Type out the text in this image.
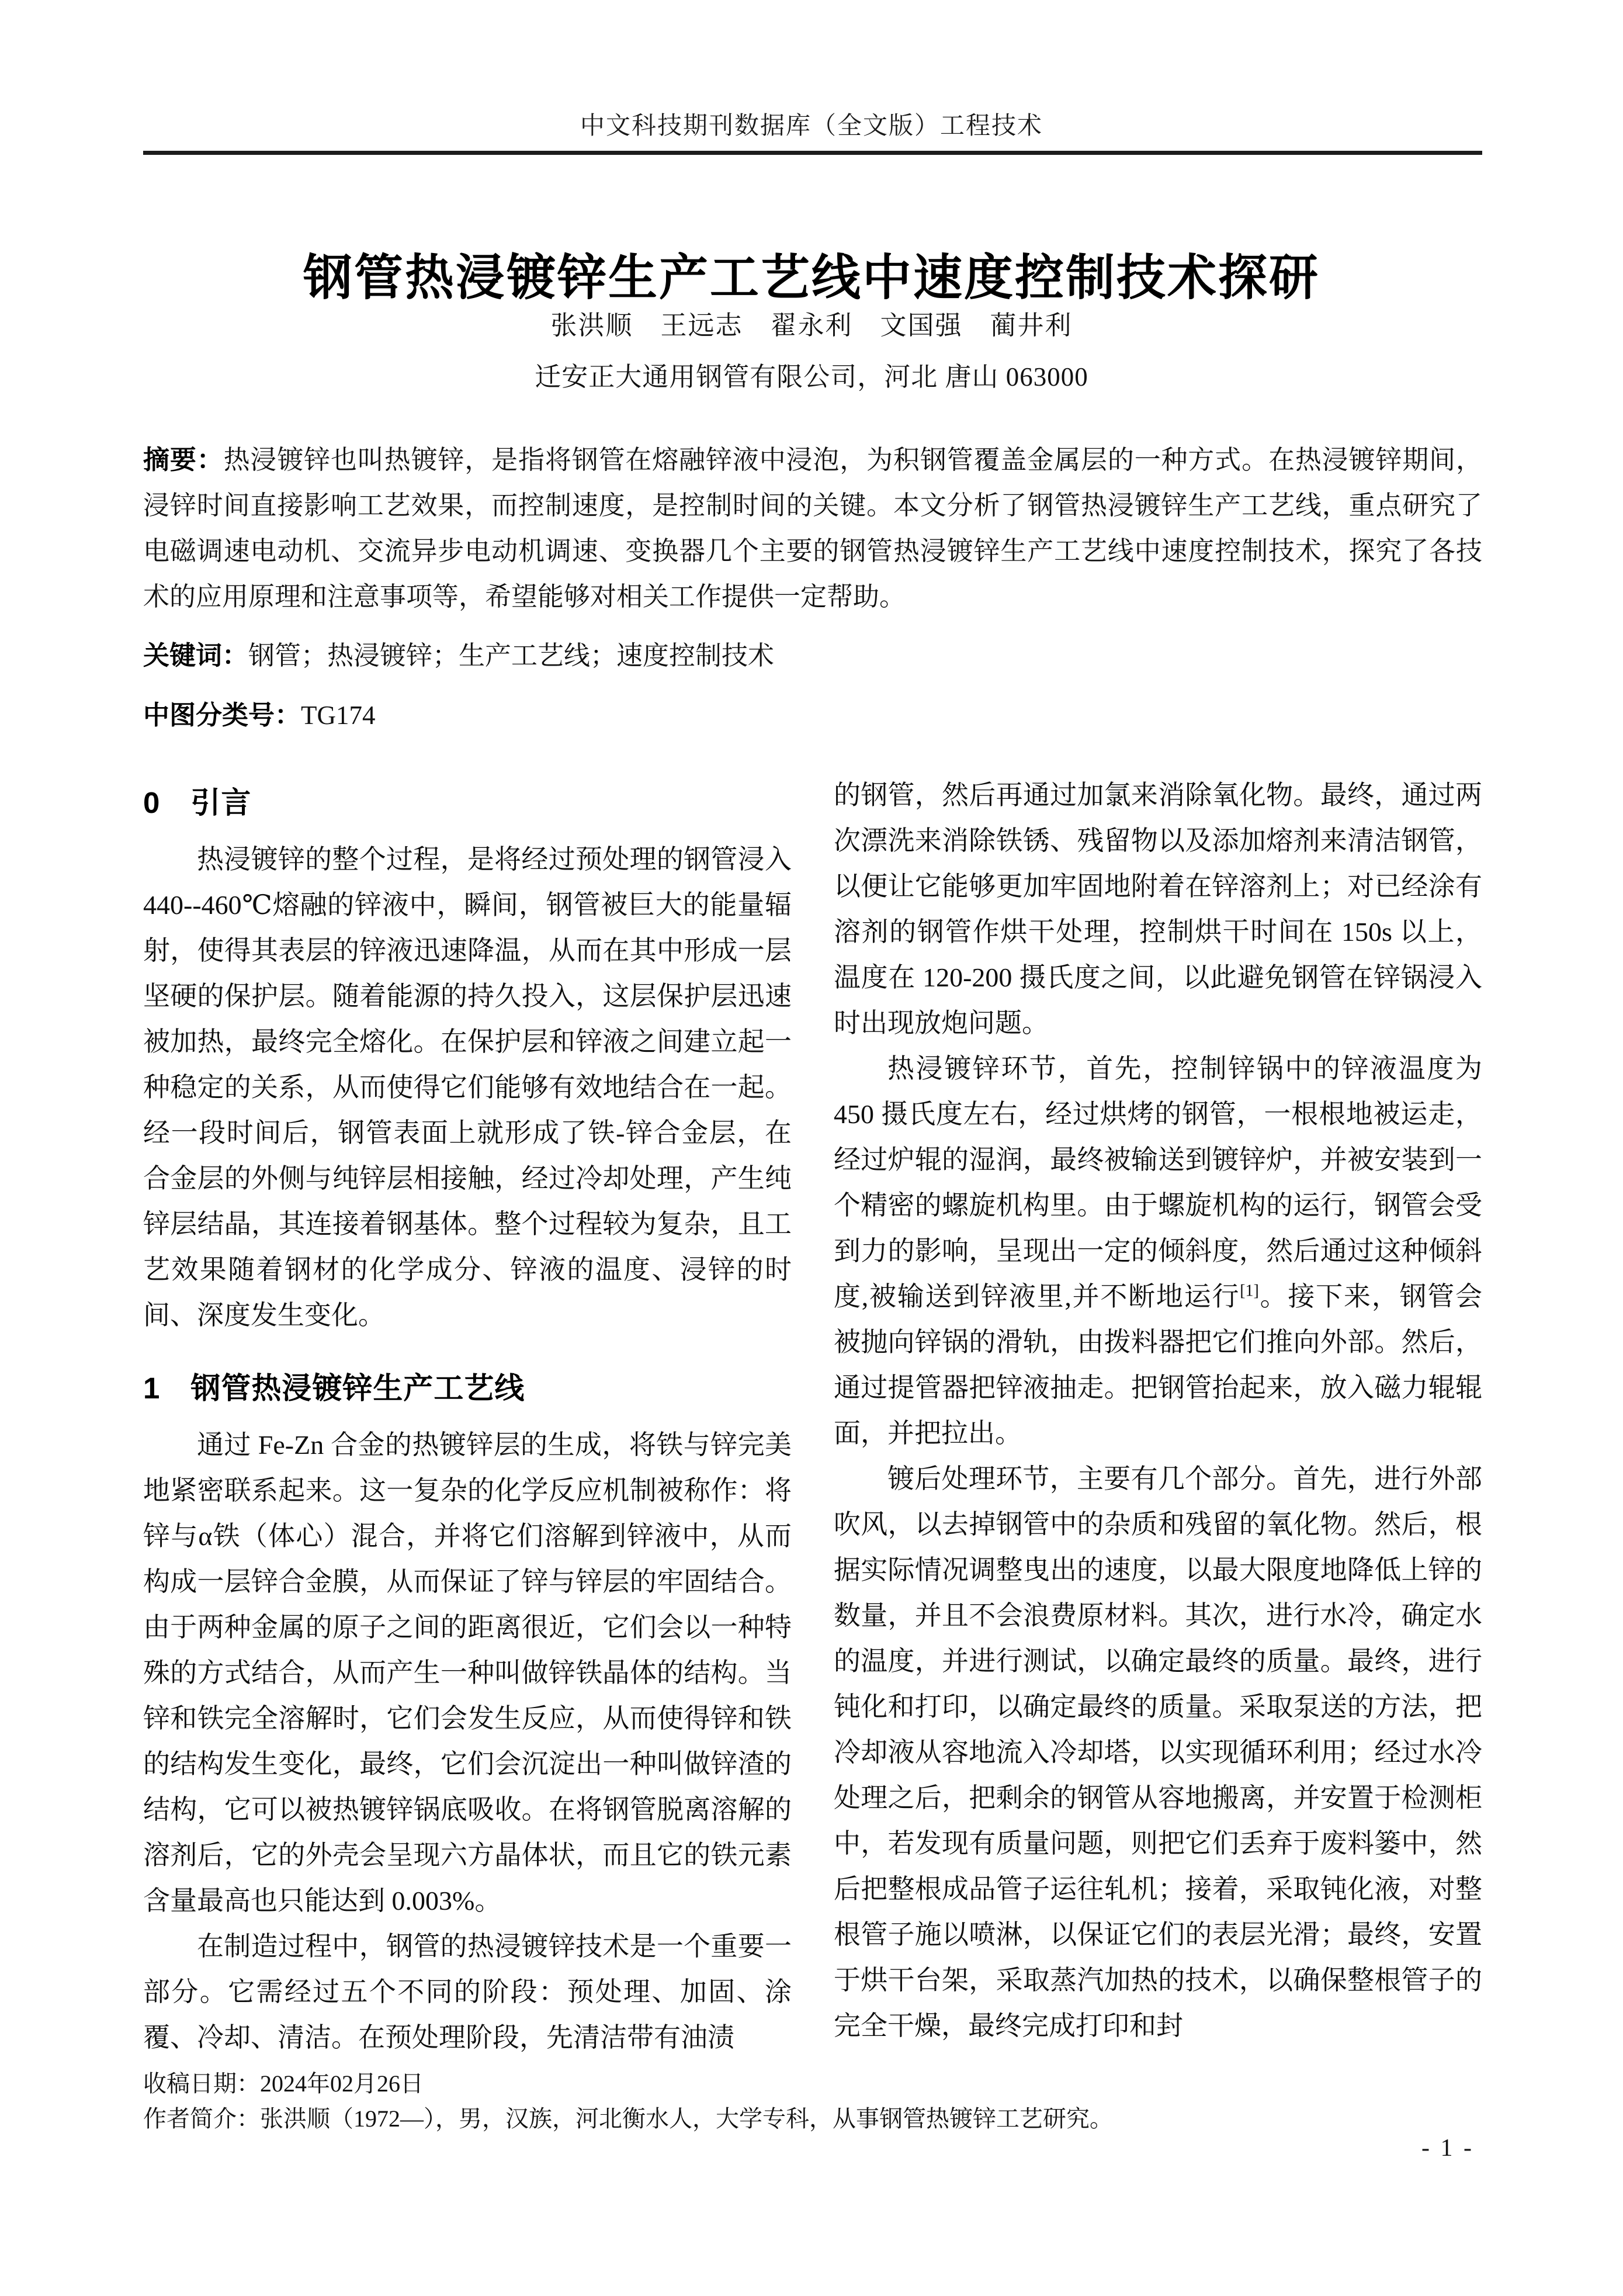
中文科技期刊数据库（全文版）工程技术
钢管热浸镀锌生产工艺线中速度控制技术探研
张洪顺　王远志　翟永利　文国强　蔺井利
迁安正大通用钢管有限公司，河北 唐山 063000

摘要：热浸镀锌也叫热镀锌，是指将钢管在熔融锌液中浸泡，为积钢管覆盖金属层的一种方式。在热浸镀锌期间，浸锌时间直接影响工艺效果，而控制速度，是控制时间的关键。本文分析了钢管热浸镀锌生产工艺线，重点研究了电磁调速电动机、交流异步电动机调速、变换器几个主要的钢管热浸镀锌生产工艺线中速度控制技术，探究了各技术的应用原理和注意事项等，希望能够对相关工作提供一定帮助。

关键词：钢管；热浸镀锌；生产工艺线；速度控制技术

中图分类号：TG174

0　引言

热浸镀锌的整个过程，是将经过预处理的钢管浸入 440--460℃熔融的锌液中，瞬间，钢管被巨大的能量辐射，使得其表层的锌液迅速降温，从而在其中形成一层坚硬的保护层。随着能源的持久投入，这层保护层迅速被加热，最终完全熔化。在保护层和锌液之间建立起一种稳定的关系，从而使得它们能够有效地结合在一起。经一段时间后，钢管表面上就形成了铁-锌合金层，在合金层的外侧与纯锌层相接触，经过冷却处理，产生纯锌层结晶，其连接着钢基体。整个过程较为复杂，且工艺效果随着钢材的化学成分、锌液的温度、浸锌的时间、深度发生变化。

1　钢管热浸镀锌生产工艺线

通过 Fe-Zn 合金的热镀锌层的生成，将铁与锌完美地紧密联系起来。这一复杂的化学反应机制被称作：将锌与α铁（体心）混合，并将它们溶解到锌液中，从而构成一层锌合金膜，从而保证了锌与锌层的牢固结合。由于两种金属的原子之间的距离很近，它们会以一种特殊的方式结合，从而产生一种叫做锌铁晶体的结构。当锌和铁完全溶解时，它们会发生反应，从而使得锌和铁的结构发生变化，最终，它们会沉淀出一种叫做锌渣的结构，它可以被热镀锌锅底吸收。在将钢管脱离溶解的溶剂后，它的外壳会呈现六方晶体状，而且它的铁元素含量最高也只能达到 0.003%。

在制造过程中，钢管的热浸镀锌技术是一个重要一部分。它需经过五个不同的阶段：预处理、加固、涂覆、冷却、清洁。在预处理阶段，先清洁带有油渍

的钢管，然后再通过加氯来消除氧化物。最终，通过两次漂洗来消除铁锈、残留物以及添加熔剂来清洁钢管，以便让它能够更加牢固地附着在锌溶剂上；对已经涂有溶剂的钢管作烘干处理，控制烘干时间在 150s 以上，温度在 120-200 摄氏度之间，以此避免钢管在锌锅浸入时出现放炮问题。

热浸镀锌环节，首先，控制锌锅中的锌液温度为 450 摄氏度左右，经过烘烤的钢管，一根根地被运走，经过炉辊的湿润，最终被输送到镀锌炉，并被安装到一个精密的螺旋机构里。由于螺旋机构的运行，钢管会受到力的影响，呈现出一定的倾斜度，然后通过这种倾斜度,被输送到锌液里,并不断地运行[1]。接下来，钢管会被抛向锌锅的滑轨，由拨料器把它们推向外部。然后，通过提管器把锌液抽走。把钢管抬起来，放入磁力辊辊面，并把拉出。

镀后处理环节，主要有几个部分。首先，进行外部吹风，以去掉钢管中的杂质和残留的氧化物。然后，根据实际情况调整曳出的速度，以最大限度地降低上锌的数量，并且不会浪费原材料。其次，进行水冷，确定水的温度，并进行测试，以确定最终的质量。最终，进行钝化和打印，以确定最终的质量。采取泵送的方法，把冷却液从容地流入冷却塔，以实现循环利用；经过水冷处理之后，把剩余的钢管从容地搬离，并安置于检测柜中，若发现有质量问题，则把它们丢弃于废料篓中，然后把整根成品管子运往轧机；接着，采取钝化液，对整根管子施以喷淋，以保证它们的表层光滑；最终，安置于烘干台架，采取蒸汽加热的技术，以确保整根管子的完全干燥，最终完成打印和封

收稿日期：2024年02月26日

作者简介：张洪顺（1972—），男，汉族，河北衡水人，大学专科，从事钢管热镀锌工艺研究。

- 1 -
